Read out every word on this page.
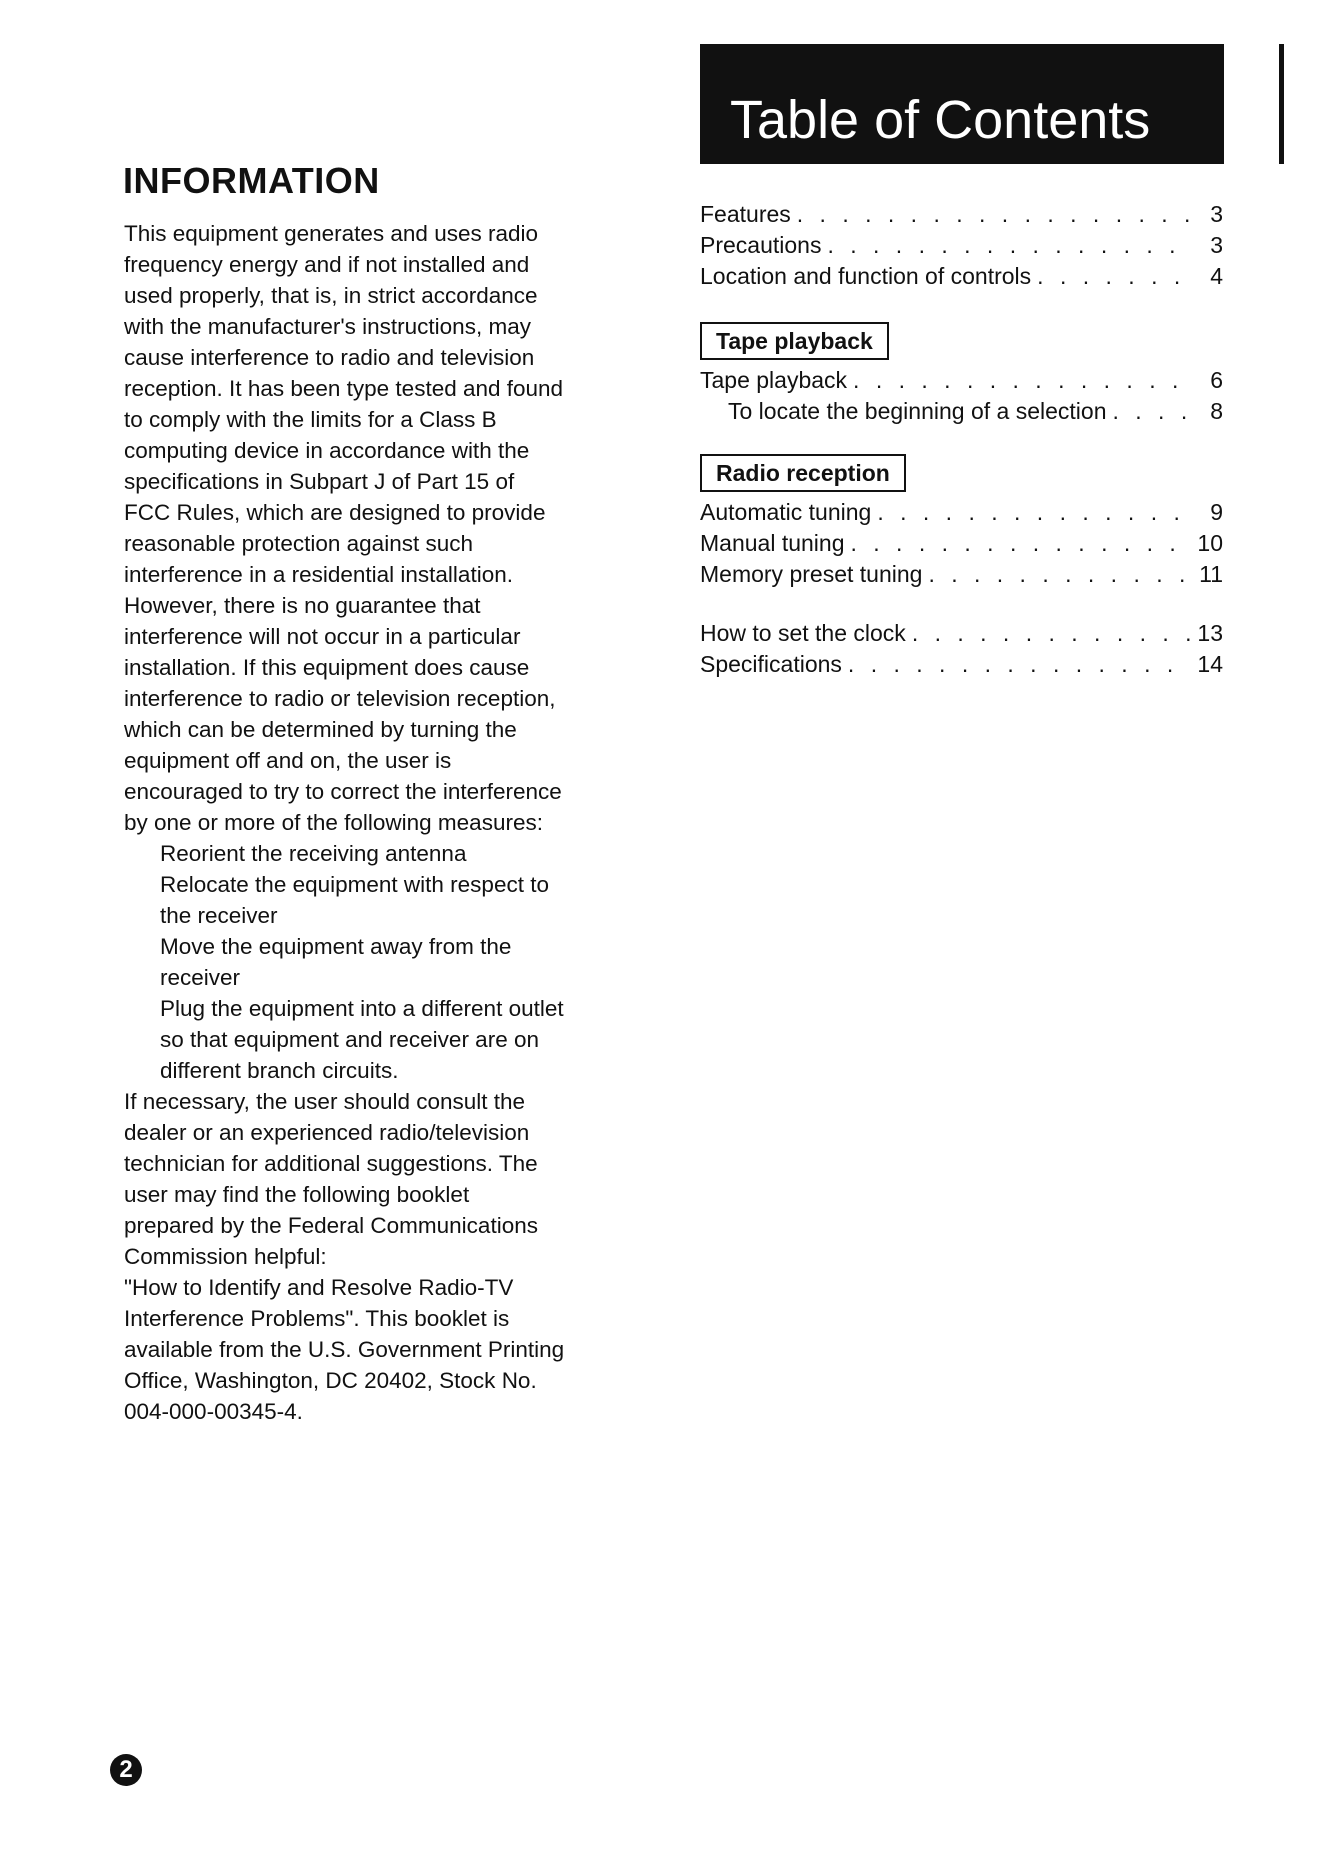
INFORMATION
This equipment generates and uses radio
frequency energy and if not installed and
used properly, that is, in strict accordance
with the manufacturer's instructions, may
cause interference to radio and television
reception. It has been type tested and found
to comply with the limits for a Class B
computing device in accordance with the
specifications in Subpart J of Part 15 of
FCC Rules, which are designed to provide
reasonable protection against such
interference in a residential installation.
However, there is no guarantee that
interference will not occur in a particular
installation. If this equipment does cause
interference to radio or television reception,
which can be determined by turning the
equipment off and on, the user is
encouraged to try to correct the interference
by one or more of the following measures:
Reorient the receiving antenna
Relocate the equipment with respect to
the receiver
Move the equipment away from the
receiver
Plug the equipment into a different outlet
so that equipment and receiver are on
different branch circuits.
If necessary, the user should consult the
dealer or an experienced radio/television
technician for additional suggestions. The
user may find the following booklet
prepared by the Federal Communications
Commission helpful:
"How to Identify and Resolve Radio-TV
Interference Problems". This booklet is
available from the U.S. Government Printing
Office, Washington, DC 20402, Stock No.
004-000-00345-4.
Table of Contents
Features . . .	3
Precautions . . .	3
Location and function of controls . . .	4
Tape playback
Tape playback . . .	6
To locate the beginning of a selection . . .	8
Radio reception
Automatic tuning . . .	9
Manual tuning . . .	10
Memory preset tuning . . .	11
How to set the clock . . .	13
Specifications . . .	14
2
